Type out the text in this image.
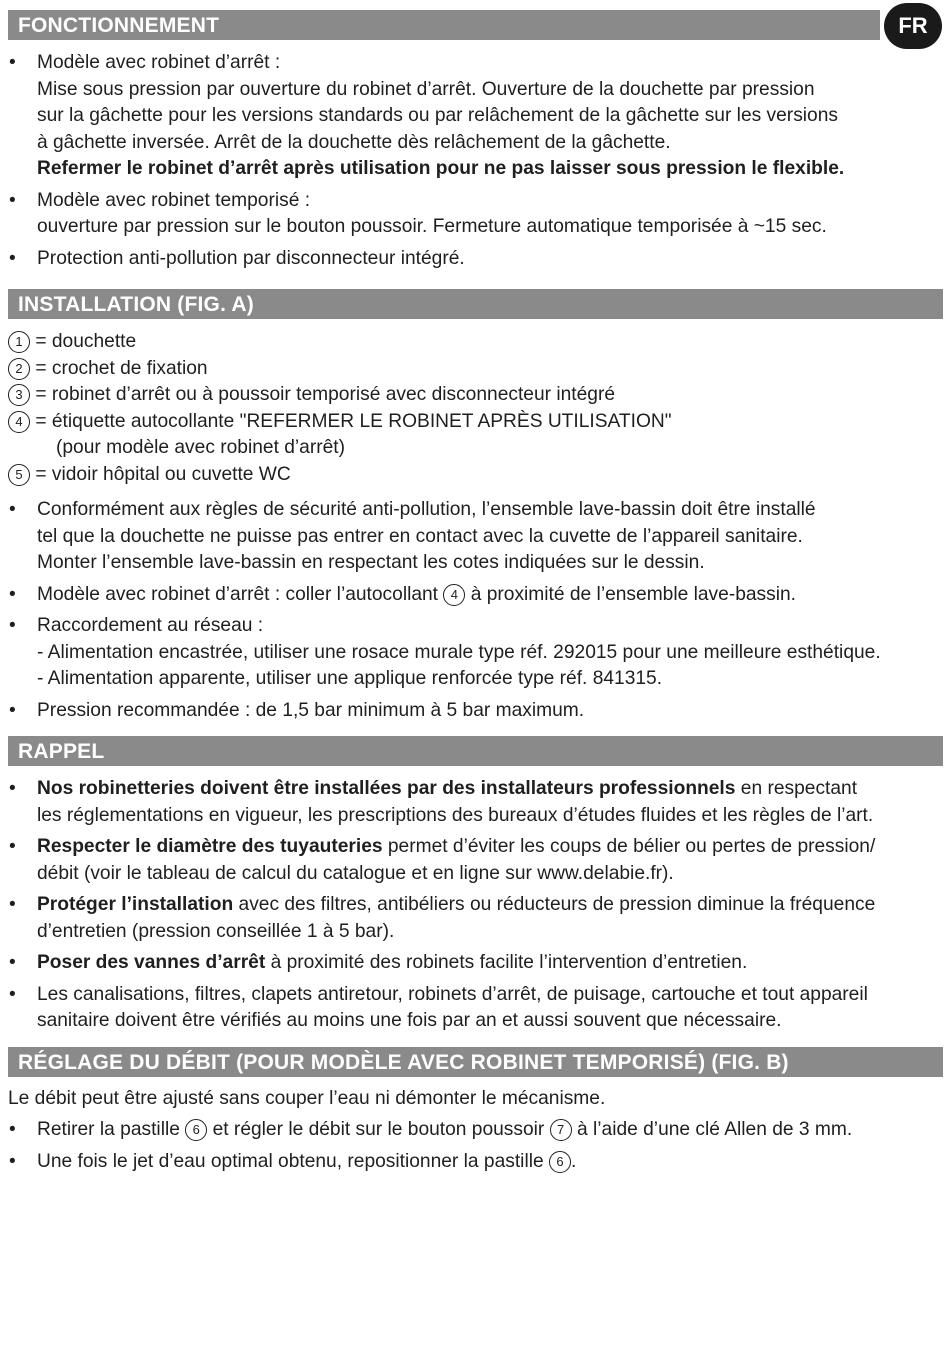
FR
FONCTIONNEMENT
• Modèle avec robinet d’arrêt :
Mise sous pression par ouverture du robinet d’arrêt. Ouverture de la douchette par pression
sur la gâchette pour les versions standards ou par relâchement de la gâchette sur les versions
à gâchette inversée. Arrêt de la douchette dès relâchement de la gâchette.
Refermer le robinet d’arrêt après utilisation pour ne pas laisser sous pression le flexible.
• Modèle avec robinet temporisé :
ouverture par pression sur le bouton poussoir. Fermeture automatique temporisée à ~15 sec.
• Protection anti-pollution par disconnecteur intégré.
INSTALLATION (FIG. A)
1 = douchette
2 = crochet de fixation
3 = robinet d’arrêt ou à poussoir temporisé avec disconnecteur intégré
4 = étiquette autocollante "REFERMER LE ROBINET APRÈS UTILISATION"
(pour modèle avec robinet d’arrêt)
5 = vidoir hôpital ou cuvette WC
• Conformément aux règles de sécurité anti-pollution, l’ensemble lave-bassin doit être installé
tel que la douchette ne puisse pas entrer en contact avec la cuvette de l’appareil sanitaire.
Monter l’ensemble lave-bassin en respectant les cotes indiquées sur le dessin.
• Modèle avec robinet d’arrêt : coller l’autocollant 4 à proximité de l’ensemble lave-bassin.
• Raccordement au réseau :
- Alimentation encastrée, utiliser une rosace murale type réf. 292015 pour une meilleure esthétique.
- Alimentation apparente, utiliser une applique renforcée type réf. 841315.
• Pression recommandée : de 1,5 bar minimum à 5 bar maximum.
RAPPEL
• Nos robinetteries doivent être installées par des installateurs professionnels en respectant
les réglementations en vigueur, les prescriptions des bureaux d’études fluides et les règles de l’art.
• Respecter le diamètre des tuyauteries permet d’éviter les coups de bélier ou pertes de pression/
débit (voir le tableau de calcul du catalogue et en ligne sur www.delabie.fr).
• Protéger l’installation avec des filtres, antibéliers ou réducteurs de pression diminue la fréquence
d’entretien (pression conseillée 1 à 5 bar).
• Poser des vannes d’arrêt à proximité des robinets facilite l’intervention d’entretien.
• Les canalisations, filtres, clapets antiretour, robinets d’arrêt, de puisage, cartouche et tout appareil
sanitaire doivent être vérifiés au moins une fois par an et aussi souvent que nécessaire.
RÉGLAGE DU DÉBIT (POUR MODÈLE AVEC ROBINET TEMPORISÉ) (FIG. B)
Le débit peut être ajusté sans couper l’eau ni démonter le mécanisme.
• Retirer la pastille 6 et régler le débit sur le bouton poussoir 7 à l’aide d’une clé Allen de 3 mm.
• Une fois le jet d’eau optimal obtenu, repositionner la pastille 6 .
